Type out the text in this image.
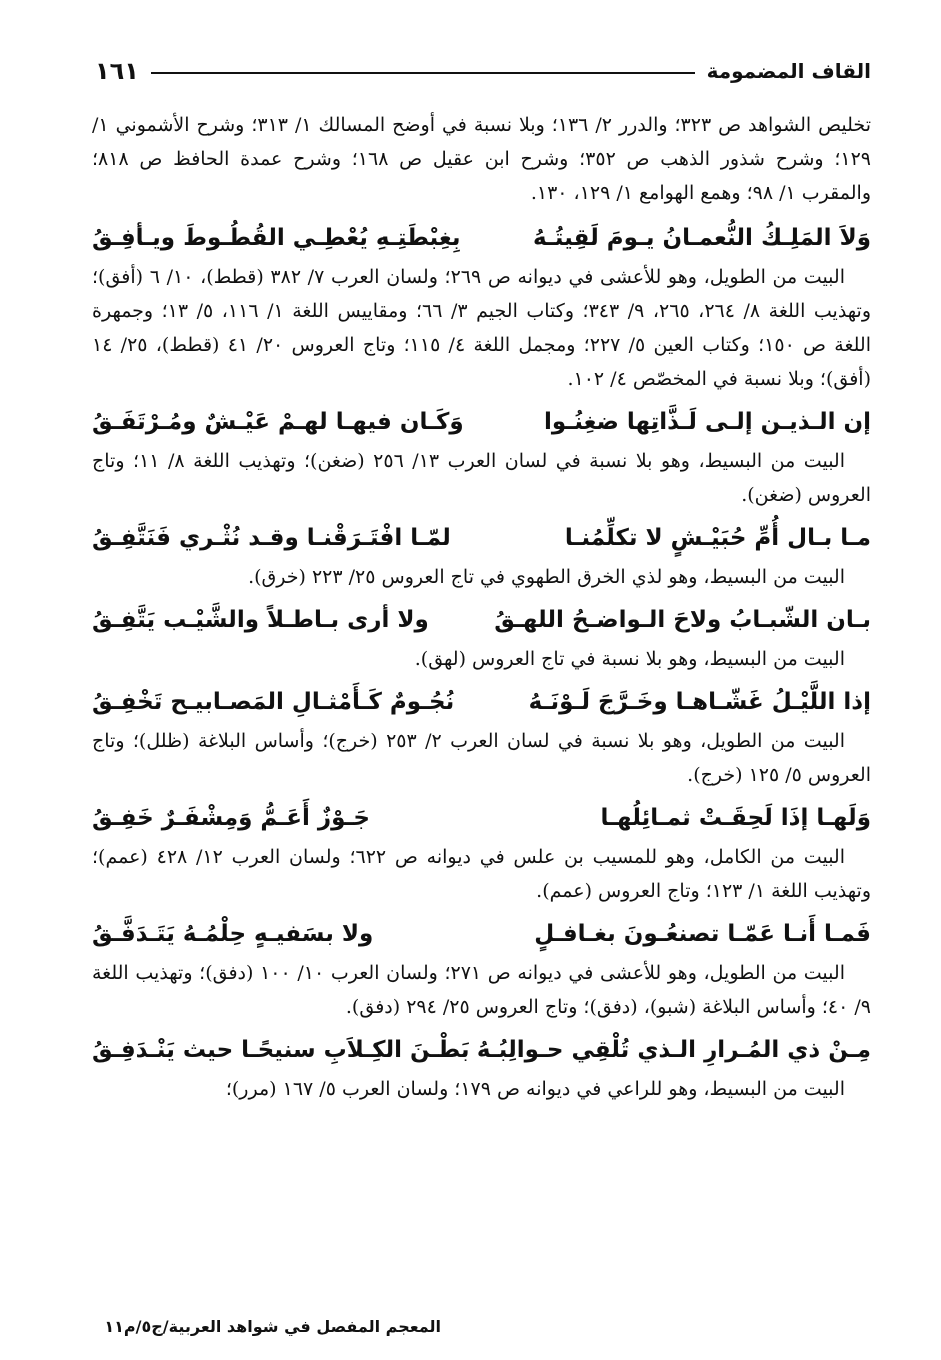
القاف المضمومة
١٦١

تخليص الشواهد ص ٣٢٣؛ والدرر ٢/ ١٣٦؛ وبلا نسبة في أوضح المسالك ١/ ٣١٣؛ وشرح الأشموني ١/ ١٢٩؛ وشرح شذور الذهب ص ٣٥٢؛ وشرح ابن عقيل ص ١٦٨؛ وشرح عمدة الحافظ ص ٨١٨؛ والمقرب ١/ ٩٨؛ وهمع الهوامع ١/ ١٢٩، ١٣٠.

وَلاَ المَلِـكُ النُّعمـانُ يـومَ لَقِيتُـهُ
بِغِبْطَتِـهِ يُعْطِـي القُطُـوطَ ويـأفِـقُ

البيت من الطويل، وهو للأعشى في ديوانه ص ٢٦٩؛ ولسان العرب ٧/ ٣٨٢ (قطط)، ١٠/ ٦ (أفق)؛ وتهذيب اللغة ٨/ ٢٦٤، ٢٦٥، ٩/ ٣٤٣؛ وكتاب الجيم ٣/ ٦٦؛ ومقاييس اللغة ١/ ١١٦، ٥/ ١٣؛ وجمهرة اللغة ص ١٥٠؛ وكتاب العين ٥/ ٢٢٧؛ ومجمل اللغة ٤/ ١١٥؛ وتاج العروس ٢٠/ ٤١ (قطط)، ٢٥/ ١٤ (أفق)؛ وبلا نسبة في المخصّص ٤/ ١٠٢.

إن الـذيـن إلـى لَـذَّاتِها ضغِنُـوا
وَكَـان فيهـا لهـمْ عَيْـشٌ ومُـرْتَفَـقُ

البيت من البسيط، وهو بلا نسبة في لسان العرب ١٣/ ٢٥٦ (ضغن)؛ وتهذيب اللغة ٨/ ١١؛ وتاج العروس (ضغن).

مـا بـال أُمِّ حُبَيْـشٍ لا تكلِّمُنـا
لمّـا افْتَـرَقْنـا وقـد نُثْـري فَنَتَّفِـقُ

البيت من البسيط، وهو لذي الخرق الطهوي في تاج العروس ٢٥/ ٢٢٣ (خرق).

بـان الشّبـابُ ولاحَ الـواضـحُ اللهـقُ
ولا أرى بـاطـلاً والشَّيْـب يَتَّفِـقُ

البيت من البسيط، وهو بلا نسبة في تاج العروس (لهق).

إذا اللَّيْـلُ غَشّـاهـا وخَـرَّجَ لَـوْنَـهُ
نُجُـومٌ كَـأَمْثـالِ المَصـابيـح تَخْفِـقُ

البيت من الطويل، وهو بلا نسبة في لسان العرب ٢/ ٢٥٣ (خرج)؛ وأساس البلاغة (ظلل)؛ وتاج العروس ٥/ ١٢٥ (خرج).

وَلَهـا إذَا لَحِقَـتْ ثمـائِلُهـا
جَـوْزٌ أَعَـمُّ وَمِشْفَـرٌ خَفِـقُ

البيت من الكامل، وهو للمسيب بن علس في ديوانه ص ٦٢٢؛ ولسان العرب ١٢/ ٤٢٨ (عمم)؛ وتهذيب اللغة ١/ ١٢٣؛ وتاج العروس (عمم).

فَمـا أَنـا عَمّـا تصنعُـونَ بغـافـلٍ
ولا بسَفيـهٍ حِلْمُـهُ يَتَـدَفَّـقُ

البيت من الطويل، وهو للأعشى في ديوانه ص ٢٧١؛ ولسان العرب ١٠/ ١٠٠ (دفق)؛ وتهذيب اللغة ٩/ ٤٠؛ وأساس البلاغة (شبو)، (دفق)؛ وتاج العروس ٢٥/ ٢٩٤ (دفق).

مِـنْ ذي المُـرارِ الـذي تُلْقِي حـوالِبُـهُ
بَطْـنَ الكِـلاَبِ سنيحًـا حيث يَنْـدَفِـقُ

البيت من البسيط، وهو للراعي في ديوانه ص ١٧٩؛ ولسان العرب ٥/ ١٦٧ (مرر)؛

المعجم المفصل في شواهد العربية/ج٥/م١١
